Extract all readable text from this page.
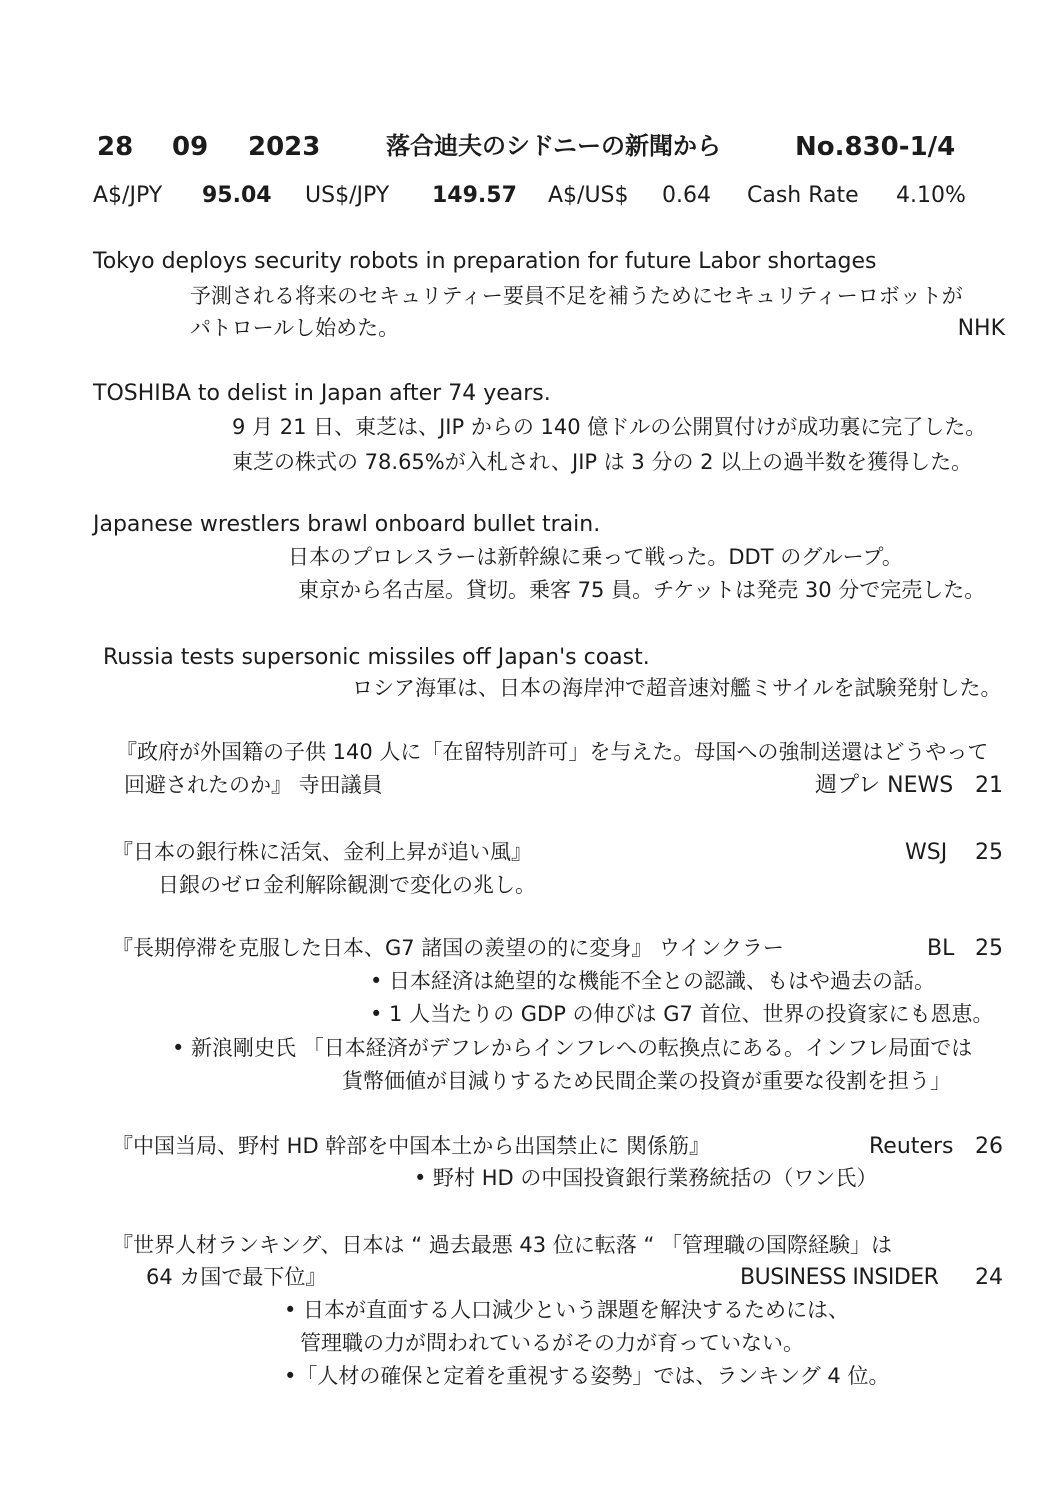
28 09 2023	落合迪夫のシドニーの新聞から	No.830-1/4
A$/JPY 95.04 US$/JPY 149.57 A$/US$ 0.64 Cash Rate 4.10%
Tokyo deploys security robots in preparation for future Labor shortages
予測される将来のセキュリティー要員不足を補うためにセキュリティーロボットが
パトロールし始めた。	NHK
TOSHIBA to delist in Japan after 74 years.
9 月 21 日、東芝は、JIP からの 140 億ドルの公開買付けが成功裏に完了した。
東芝の株式の 78.65%が入札され、JIP は 3 分の 2 以上の過半数を獲得した。
Japanese wrestlers brawl onboard bullet train.
日本のプロレスラーは新幹線に乗って戦った。DDT のグループ。
東京から名古屋。貸切。乗客 75 員。チケットは発売 30 分で完売した。
Russia tests supersonic missiles off Japan's coast.
ロシア海軍は、日本の海岸沖で超音速対艦ミサイルを試験発射した。
『政府が外国籍の子供 140 人に「在留特別許可」を与えた。母国への強制送還はどうやって
回避されたのか』 寺田議員	週プレ NEWS 21
『日本の銀行株に活気、金利上昇が追い風』	WSJ 25
日銀のゼロ金利解除観測で変化の兆し。
『長期停滞を克服した日本、G7 諸国の羨望の的に変身』 ウインクラー	BL 25
• 日本経済は絶望的な機能不全との認識、もはや過去の話。
• 1 人当たりの GDP の伸びは G7 首位、世界の投資家にも恩恵。
• 新浪剛史氏 「日本経済がデフレからインフレへの転換点にある。インフレ局面では
貨幣価値が目減りするため民間企業の投資が重要な役割を担う」
『中国当局、野村 HD 幹部を中国本土から出国禁止に 関係筋』	Reuters 26
• 野村 HD の中国投資銀行業務統括の（ワン氏）
『世界人材ランキング、日本は “ 過去最悪 43 位に転落 “ 「管理職の国際経験」は
64 カ国で最下位』	BUSINESS INSIDER 24
• 日本が直面する人口減少という課題を解決するためには、
管理職の力が問われているがその力が育っていない。
•「人材の確保と定着を重視する姿勢」では、ランキング 4 位。
